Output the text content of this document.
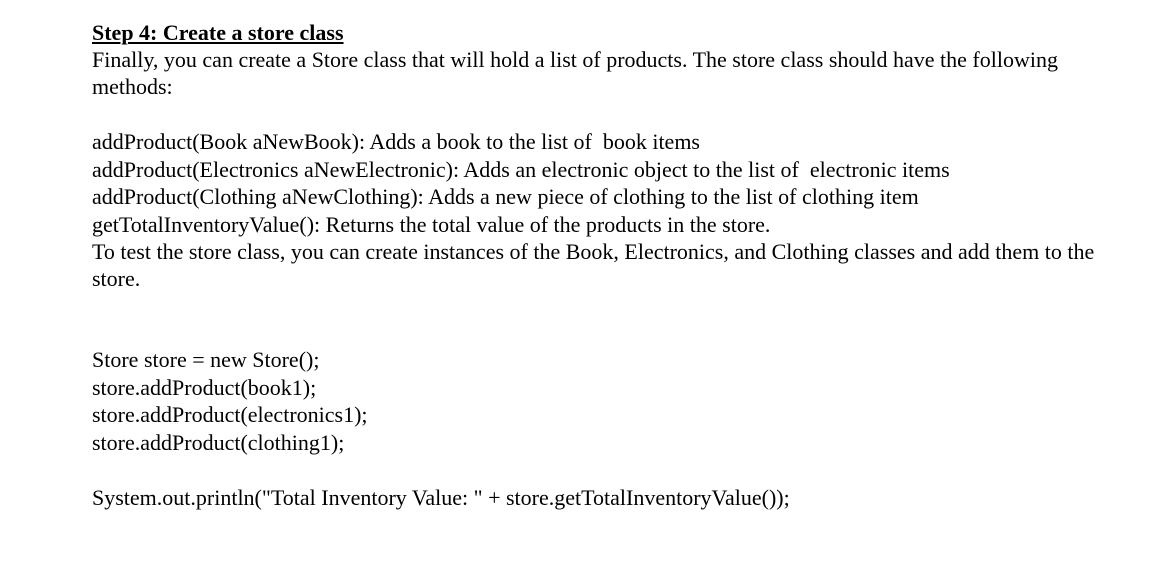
Step 4: Create a store class

Finally, you can create a Store class that will hold a list of products. The store class should have the following methods:

addProduct(Book aNewBook): Adds a book to the list of  book items
addProduct(Electronics aNewElectronic): Adds an electronic object to the list of  electronic items
addProduct(Clothing aNewClothing): Adds a new piece of clothing to the list of clothing item
getTotalInventoryValue(): Returns the total value of the products in the store.

To test the store class, you can create instances of the Book, Electronics, and Clothing classes and add them to the store.

Store store = new Store();
store.addProduct(book1);
store.addProduct(electronics1);
store.addProduct(clothing1);
System.out.println("Total Inventory Value: " + store.getTotalInventoryValue());
